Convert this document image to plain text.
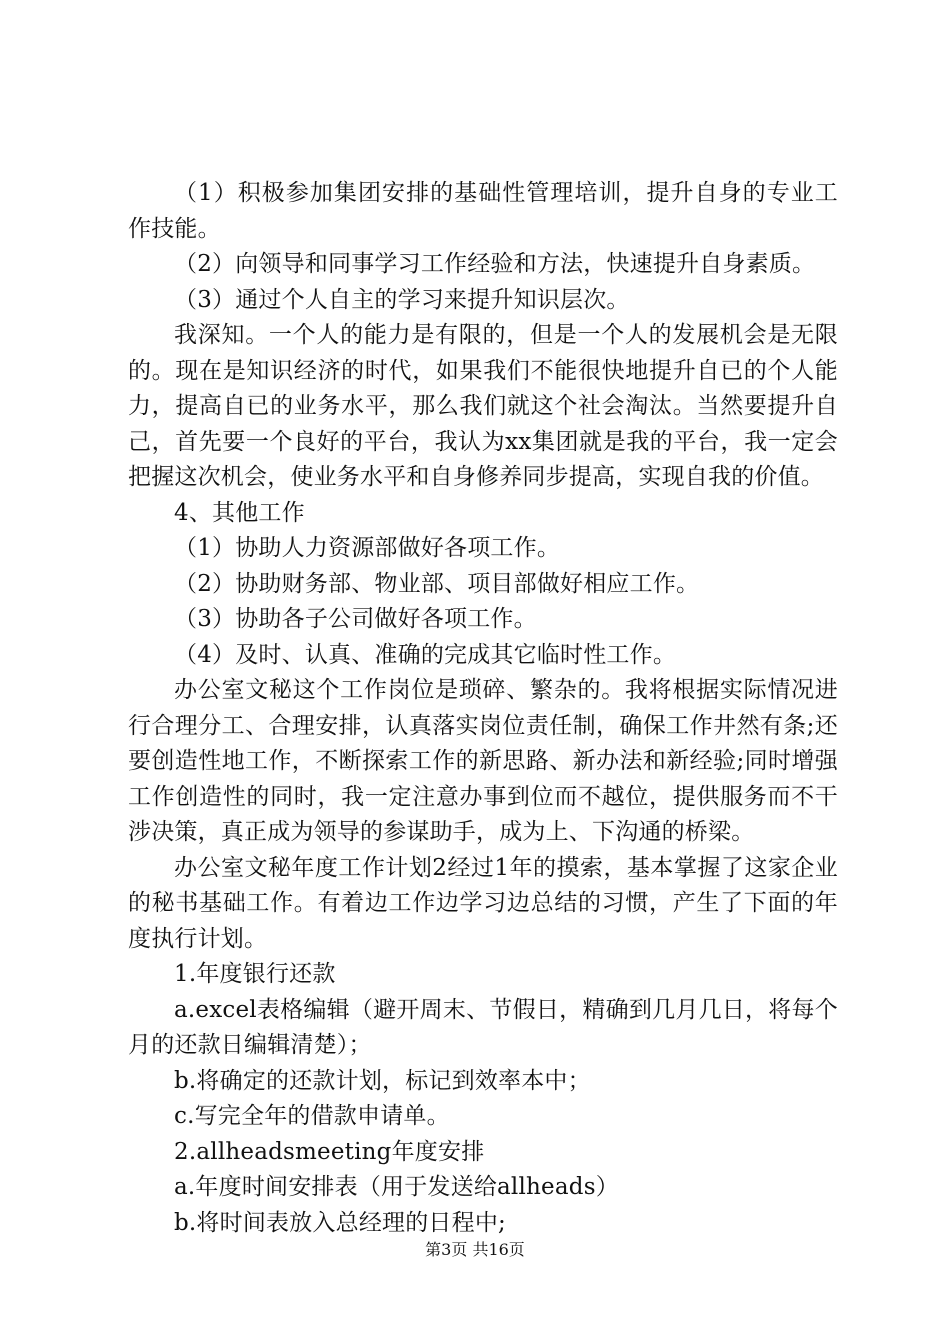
（1）积极参加集团安排的基础性管理培训，提升自身的专业工作技能。

（2）向领导和同事学习工作经验和方法，快速提升自身素质。

（3）通过个人自主的学习来提升知识层次。

我深知。一个人的能力是有限的，但是一个人的发展机会是无限的。现在是知识经济的时代，如果我们不能很快地提升自已的个人能力，提高自已的业务水平，那么我们就这个社会淘汰。当然要提升自己，首先要一个良好的平台，我认为xx集团就是我的平台，我一定会把握这次机会，使业务水平和自身修养同步提高，实现自我的价值。

4、其他工作

（1）协助人力资源部做好各项工作。

（2）协助财务部、物业部、项目部做好相应工作。

（3）协助各子公司做好各项工作。

（4）及时、认真、准确的完成其它临时性工作。

办公室文秘这个工作岗位是琐碎、繁杂的。我将根据实际情况进行合理分工、合理安排，认真落实岗位责任制，确保工作井然有条;还要创造性地工作，不断探索工作的新思路、新办法和新经验;同时增强工作创造性的同时，我一定注意办事到位而不越位，提供服务而不干涉决策，真正成为领导的参谋助手，成为上、下沟通的桥梁。

办公室文秘年度工作计划2经过1年的摸索，基本掌握了这家企业的秘书基础工作。有着边工作边学习边总结的习惯，产生了下面的年度执行计划。

1.年度银行还款

a.excel表格编辑（避开周末、节假日，精确到几月几日，将每个月的还款日编辑清楚）；

b.将确定的还款计划，标记到效率本中；

c.写完全年的借款申请单。

2.allheadsmeeting年度安排

a.年度时间安排表（用于发送给allheads）

b.将时间表放入总经理的日程中;

第3页 共16页
